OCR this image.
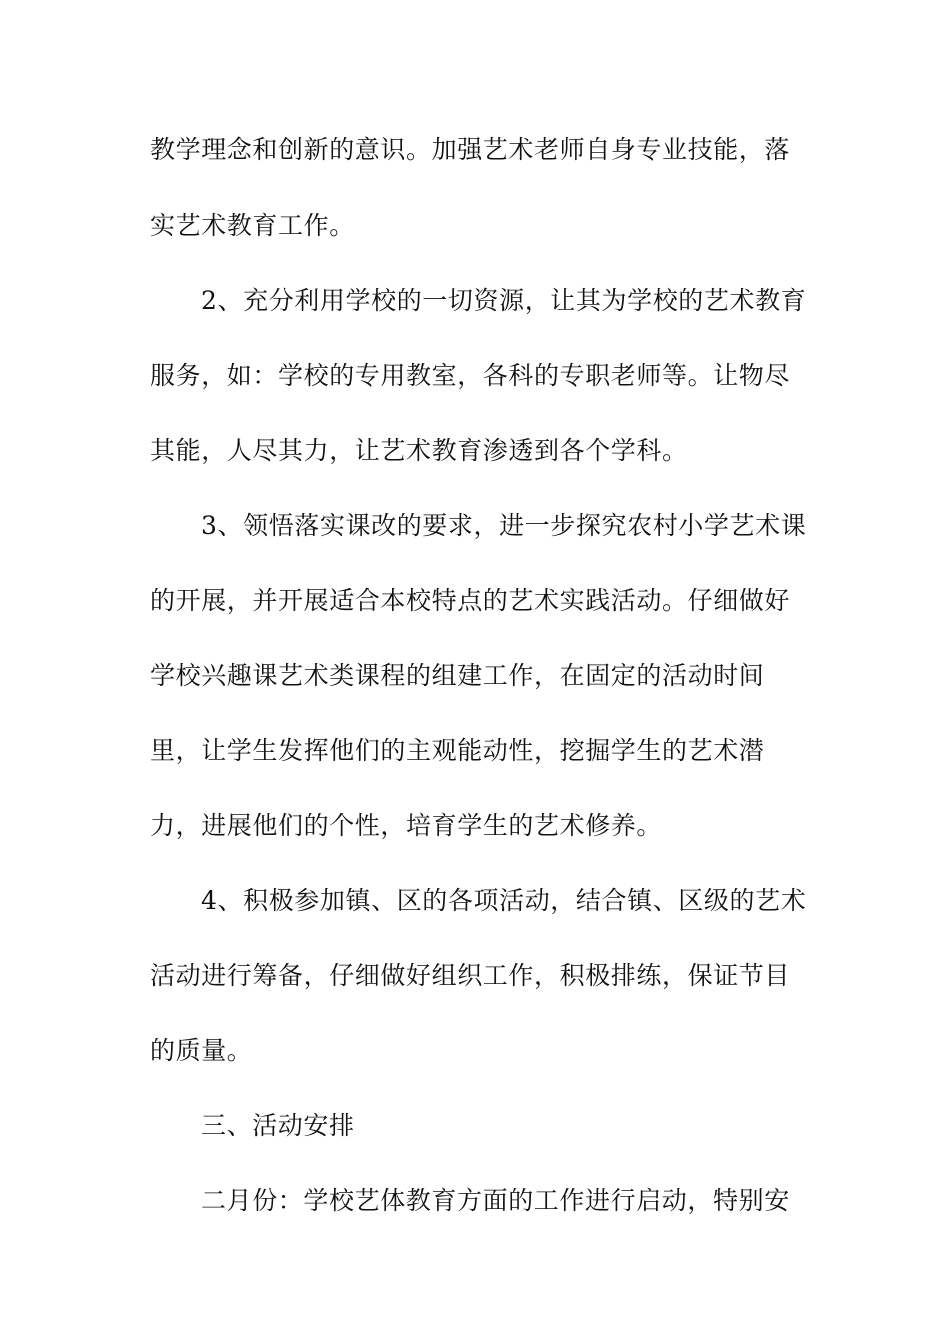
教学理念和创新的意识。加强艺术老师自身专业技能，落
实艺术教育工作。
2、充分利用学校的一切资源，让其为学校的艺术教育
服务，如：学校的专用教室，各科的专职老师等。让物尽
其能，人尽其力，让艺术教育渗透到各个学科。
3、领悟落实课改的要求，进一步探究农村小学艺术课
的开展，并开展适合本校特点的艺术实践活动。仔细做好
学校兴趣课艺术类课程的组建工作，在固定的活动时间
里，让学生发挥他们的主观能动性，挖掘学生的艺术潜
力，进展他们的个性，培育学生的艺术修养。
4、积极参加镇、区的各项活动，结合镇、区级的艺术
活动进行筹备，仔细做好组织工作，积极排练，保证节目
的质量。
三、活动安排
二月份：学校艺体教育方面的工作进行启动，特别安
